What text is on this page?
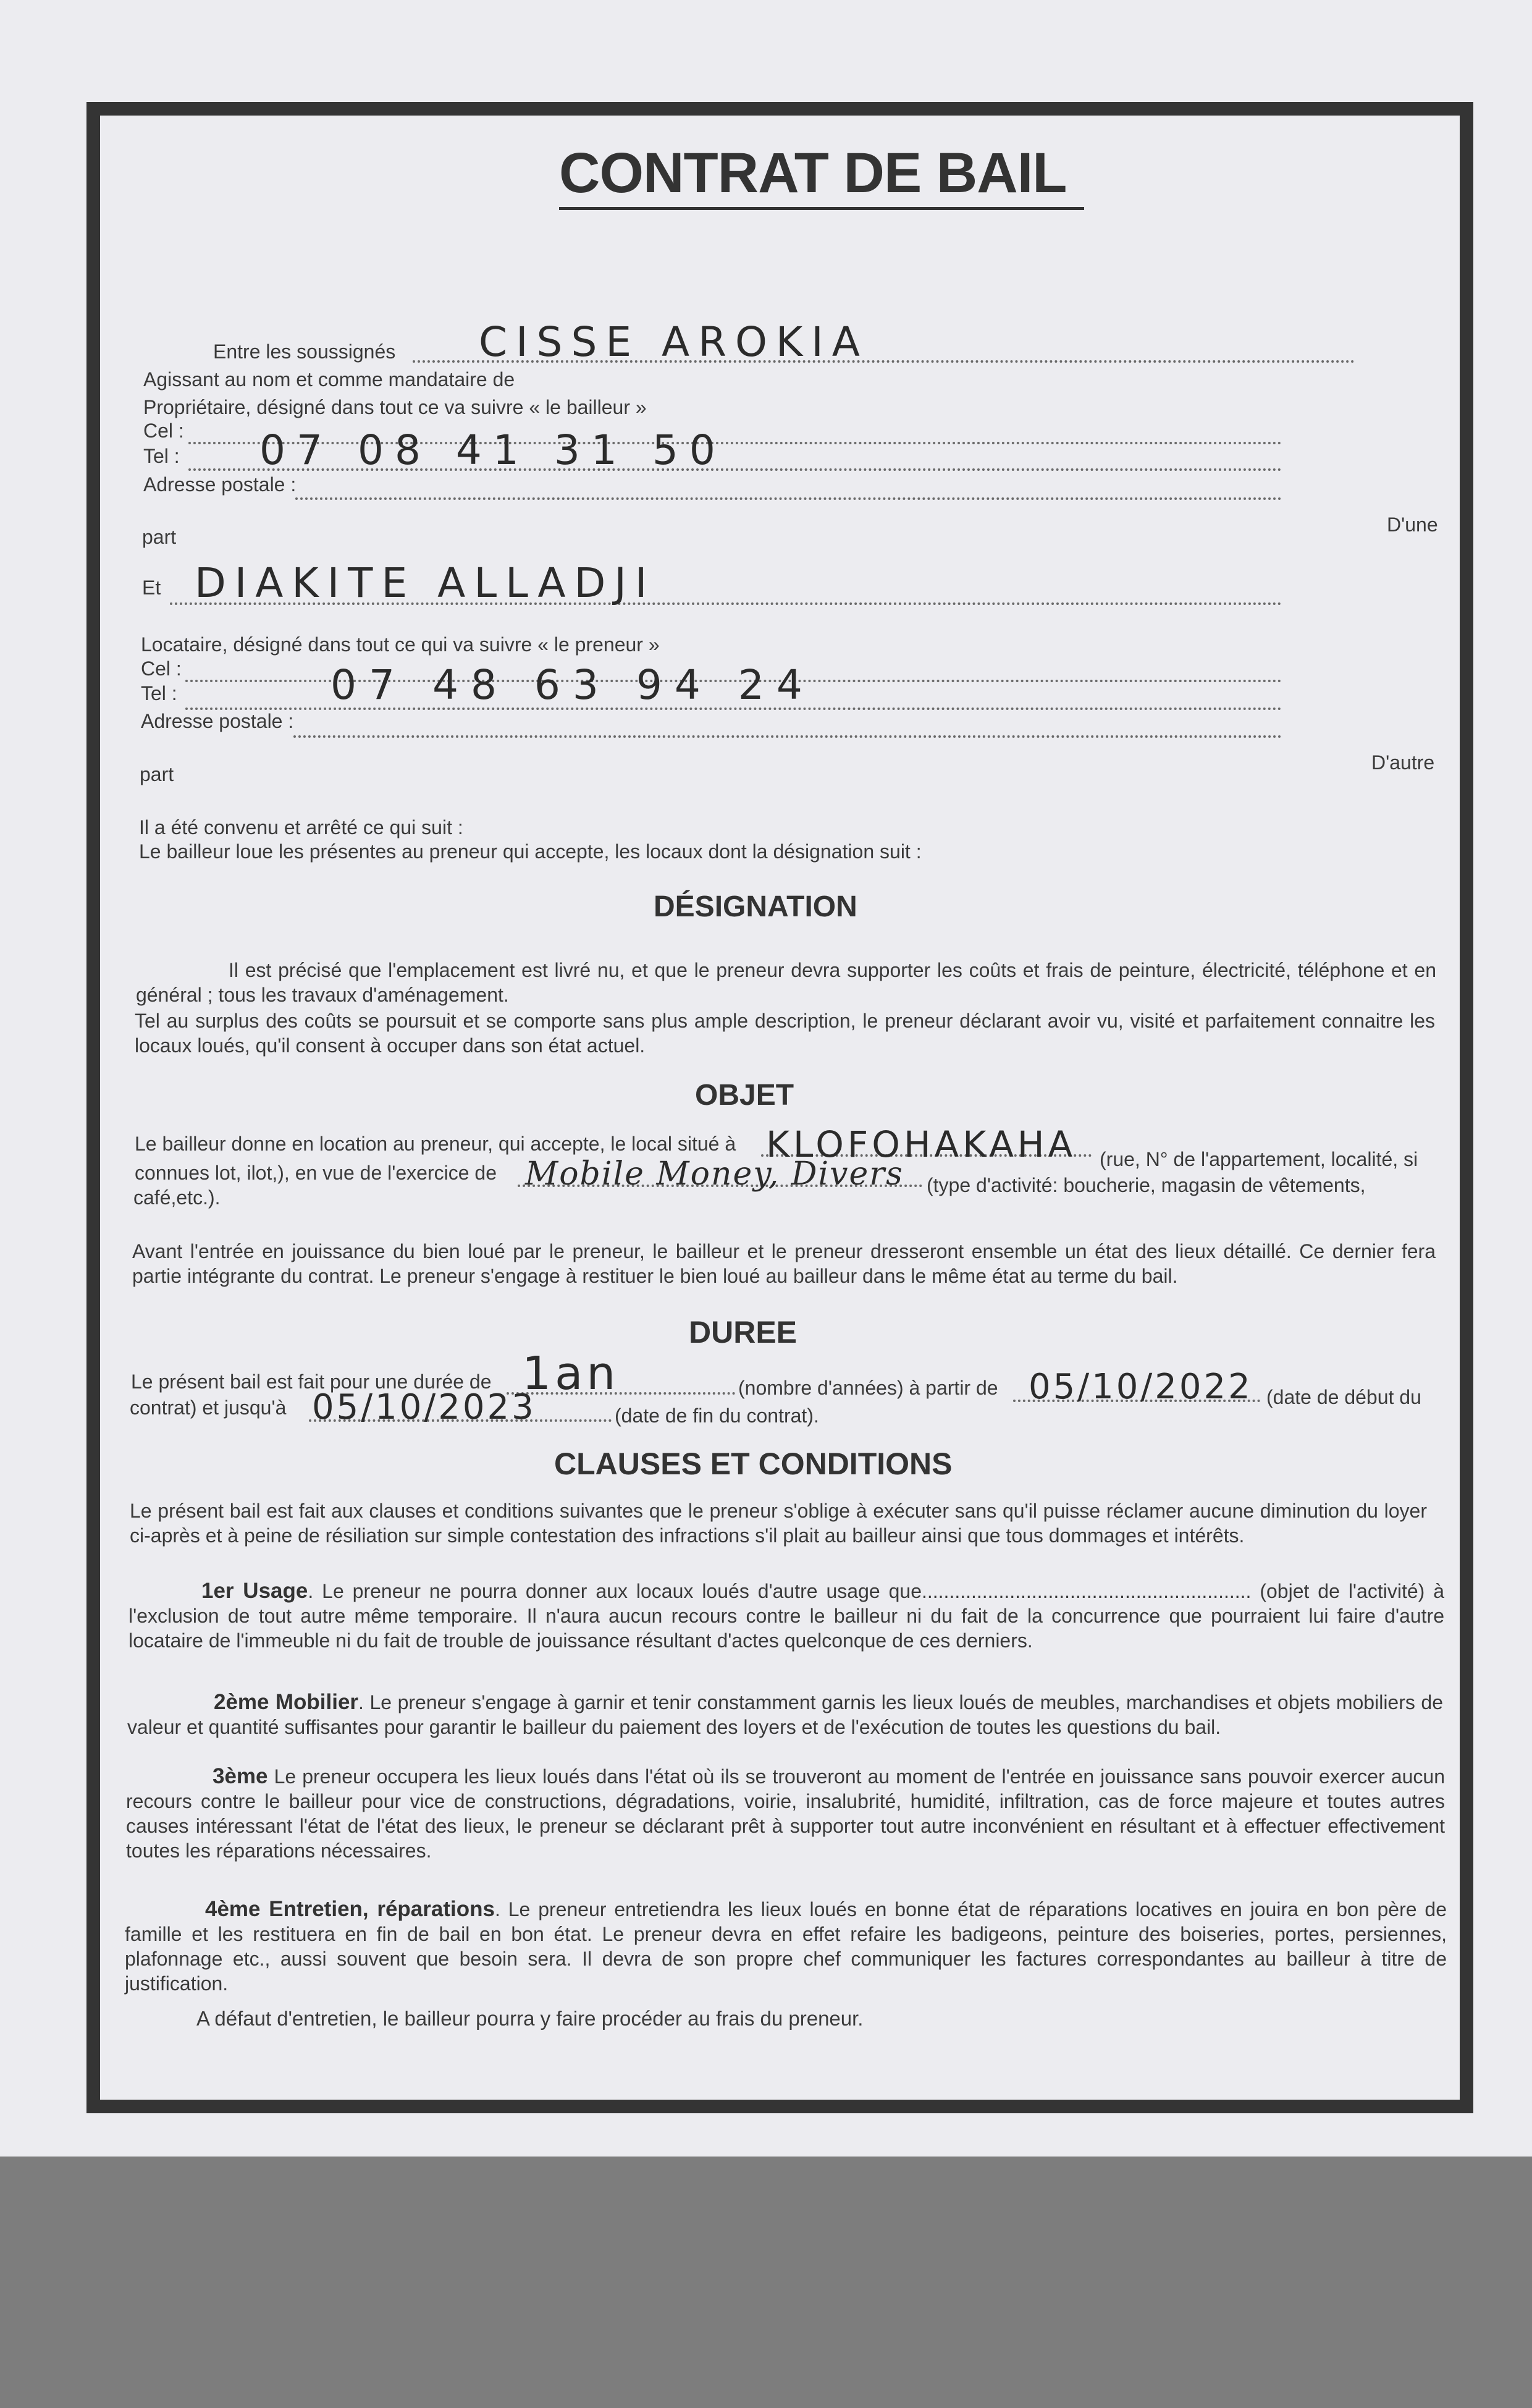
CONTRAT DE BAIL
Entre les soussignés CISSE AROKIA
Agissant au nom et comme mandataire de
Propriétaire, désigné dans tout ce va suivre « le bailleur »
Cel :
Tel : 07 08 41 31 50
Adresse postale :
part
D'une
Et DIAKITE ALLADJI
Locataire, désigné dans tout ce qui va suivre « le preneur »
Cel :
Tel :	07 48 63 94 24
Adresse postale :
part
D'autre
Il a été convenu et arrêté ce qui suit :
Le bailleur loue les présentes au preneur qui accepte, les locaux dont la désignation suit :
DÉSIGNATION
Il est précisé que l'emplacement est livré nu, et que le preneur devra supporter les coûts et frais de peinture, électricité, téléphone et en général ; tous les travaux d'aménagement.
Tel au surplus des coûts se poursuit et se comporte sans plus ample description, le preneur déclarant avoir vu, visité et parfaitement connaitre les locaux loués, qu'il consent à occuper dans son état actuel.
OBJET
Le bailleur donne en location au preneur, qui accepte, le local situé à KLOFOHAKAHA (rue, N° de l'appartement, localité, si
connues lot, ilot,), en vue de l'exercice de Mobile Money, Divers (type d'activité: boucherie, magasin de vêtements,
café,etc.).
Avant l'entrée en jouissance du bien loué par le preneur, le bailleur et le preneur dresseront ensemble un état des lieux détaillé. Ce dernier fera partie intégrante du contrat. Le preneur s'engage à restituer le bien loué au bailleur dans le même état au terme du bail.
DUREE
Le présent bail est fait pour une durée de 1an	(nombre d'années) à partir de 05/10/2022 (date de début du
contrat) et jusqu'à 05/10/2023	(date de fin du contrat).
CLAUSES ET CONDITIONS
Le présent bail est fait aux clauses et conditions suivantes que le preneur s'oblige à exécuter sans qu'il puisse réclamer aucune diminution du loyer ci-après et à peine de résiliation sur simple contestation des infractions s'il plait au bailleur ainsi que tous dommages et intérêts.
1er Usage. Le preneur ne pourra donner aux locaux loués d'autre usage que............................................................ (objet de l'activité) à l'exclusion de tout autre même temporaire. Il n'aura aucun recours contre le bailleur ni du fait de la concurrence que pourraient lui faire d'autre locataire de l'immeuble ni du fait de trouble de jouissance résultant d'actes quelconque de ces derniers.
2ème Mobilier. Le preneur s'engage à garnir et tenir constamment garnis les lieux loués de meubles, marchandises et objets mobiliers de valeur et quantité suffisantes pour garantir le bailleur du paiement des loyers et de l'exécution de toutes les questions du bail.
3ème Le preneur occupera les lieux loués dans l'état où ils se trouveront au moment de l'entrée en jouissance sans pouvoir exercer aucun recours contre le bailleur pour vice de constructions, dégradations, voirie, insalubrité, humidité, infiltration, cas de force majeure et toutes autres causes intéressant l'état de l'état des lieux, le preneur se déclarant prêt à supporter tout autre inconvénient en résultant et à effectuer effectivement toutes les réparations nécessaires.
4ème Entretien, réparations. Le preneur entretiendra les lieux loués en bonne état de réparations locatives en jouira en bon père de famille et les restituera en fin de bail en bon état. Le preneur devra en effet refaire les badigeons, peinture des boiseries, portes, persiennes, plafonnage etc., aussi souvent que besoin sera. Il devra de son propre chef communiquer les factures correspondantes au bailleur à titre de justification.
A défaut d'entretien, le bailleur pourra y faire procéder au frais du preneur.
